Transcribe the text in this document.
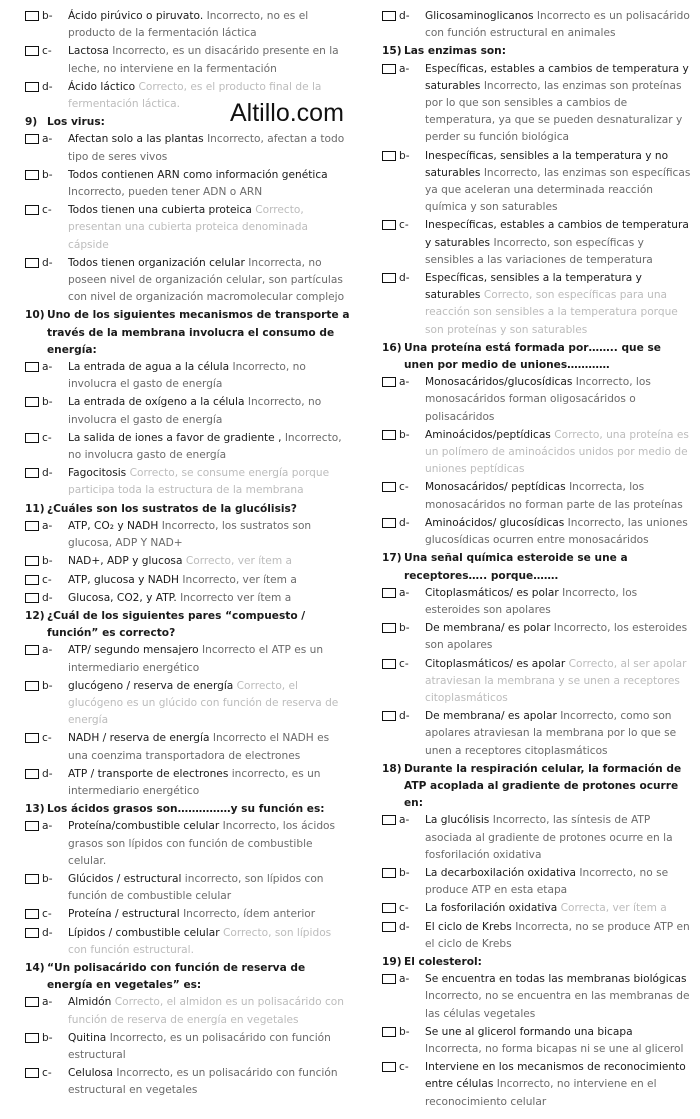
b-	Ácido pirúvico o piruvato. Incorrecto, no es el producto de la fermentación láctica
c-	Lactosa Incorrecto, es un disacárido presente en la leche, no interviene en la fermentación
d-	Ácido láctico Correcto, es el producto final de la fermentación láctica.
9) Los virus:
a-	Afectan solo a las plantas Incorrecto, afectan a todo tipo de seres vivos
b-	Todos contienen ARN como información genética Incorrecto, pueden tener ADN o ARN
c-	Todos tienen una cubierta proteica Correcto, presentan una cubierta proteica denominada cápside
d-	Todos tienen organización celular Incorrecta, no poseen nivel de organización celular, son partículas con nivel de organización macromolecular complejo
10) Uno de los siguientes mecanismos de transporte a través de la membrana involucra el consumo de energía:
a-	La entrada de agua a la célula Incorrecto, no involucra el gasto de energía
b-	La entrada de oxígeno a la célula Incorrecto, no involucra el gasto de energía
c-	La salida de iones a favor de gradiente , Incorrecto, no involucra gasto de energía
d-	Fagocitosis Correcto, se consume energía porque participa toda la estructura de la membrana
11) ¿Cuáles son los sustratos de la glucólisis?
a-	ATP, CO₂ y NADH Incorrecto, los sustratos son glucosa, ADP Y NAD+
b-	NAD+, ADP y glucosa Correcto, ver ítem a
c-	ATP, glucosa y NADH Incorrecto, ver ítem a
d-	Glucosa, CO2, y ATP. Incorrecto ver ítem a
12) ¿Cuál de los siguientes pares “compuesto / función” es correcto?
a-	ATP/ segundo mensajero Incorrecto el ATP es un intermediario energético
b-	glucógeno / reserva de energía Correcto, el glucógeno es un glúcido con función de reserva de energía
c-	NADH / reserva de energía Incorrecto el NADH es una coenzima transportadora de electrones
d-	ATP / transporte de electrones incorrecto, es un intermediario energético
13) Los ácidos grasos son……………y su función es:
a-	Proteína/combustible celular Incorrecto, los ácidos grasos son lípidos con función de combustible celular.
b-	Glúcidos / estructural incorrecto, son lípidos con función de combustible celular
c-	Proteína / estructural Incorrecto, ídem anterior
d-	Lípidos / combustible celular Correcto, son lípidos con función estructural.
14) “Un polisacárido con función de reserva de energía en vegetales” es:
a-	Almidón Correcto, el almidon es un polisacárido con función de reserva de energía en vegetales
b-	Quitina Incorrecto, es un polisacárido con función estructural
c-	Celulosa Incorrecto, es un polisacárido con función estructural en vegetales
d-	Glicosaminoglicanos Incorrecto es un polisacárido con función estructural en animales
15) Las enzimas son:
a-	Específicas, estables a cambios de temperatura y saturables Incorrecto, las enzimas son proteínas por lo que son sensibles a cambios de temperatura, ya que se pueden desnaturalizar y perder su función biológica
b-	Inespecíficas, sensibles a la temperatura y no saturables Incorrecto, las enzimas son específicas ya que aceleran una determinada reacción química y son saturables
c-	Inespecíficas, estables a cambios de temperatura y saturables Incorrecto, son específicas y sensibles a las variaciones de temperatura
d-	Específicas, sensibles a la temperatura y saturables Correcto, son específicas para una reacción son sensibles a la temperatura porque son proteínas y son saturables
16) Una proteína está formada por…….. que se unen por medio de uniones…………
a-	Monosacáridos/glucosídicas Incorrecto, los monosacáridos forman oligosacáridos o polisacáridos
b-	Aminoácidos/peptídicas Correcto, una proteína es un polímero de aminoácidos unidos por medio de uniones peptídicas
c-	Monosacáridos/ peptídicas Incorrecta, los monosacáridos no forman parte de las proteínas
d-	Aminoácidos/ glucosídicas Incorrecto, las uniones glucosídicas ocurren entre monosacáridos
17) Una señal química esteroide se une a receptores….. porque…….
a-	Citoplasmáticos/ es polar Incorrecto, los esteroides son apolares
b-	De membrana/ es polar Incorrecto, los esteroides son apolares
c-	Citoplasmáticos/ es apolar Correcto, al ser apolar atraviesan la membrana y se unen a receptores citoplasmáticos
d-	De membrana/ es apolar Incorrecto, como son apolares atraviesan la membrana por lo que se unen a receptores citoplasmáticos
18) Durante la respiración celular, la formación de ATP acoplada al gradiente de protones ocurre en:
a-	La glucólisis Incorrecto, las síntesis de ATP asociada al gradiente de protones ocurre en la fosforilación oxidativa
b-	La decarboxilación oxidativa Incorrecto, no se produce ATP en esta etapa
c-	La fosforilación oxidativa Correcta, ver ítem a
d-	El ciclo de Krebs Incorrecta, no se produce ATP en el ciclo de Krebs
19) El colesterol:
a-	Se encuentra en todas las membranas biológicas Incorrecto, no se encuentra en las membranas de las células vegetales
b-	Se une al glicerol formando una bicapa Incorrecta, no forma bicapas ni se une al glicerol
c-	Interviene en los mecanismos de reconocimiento entre células Incorrecto, no interviene en el reconocimiento celular
Altillo.com
